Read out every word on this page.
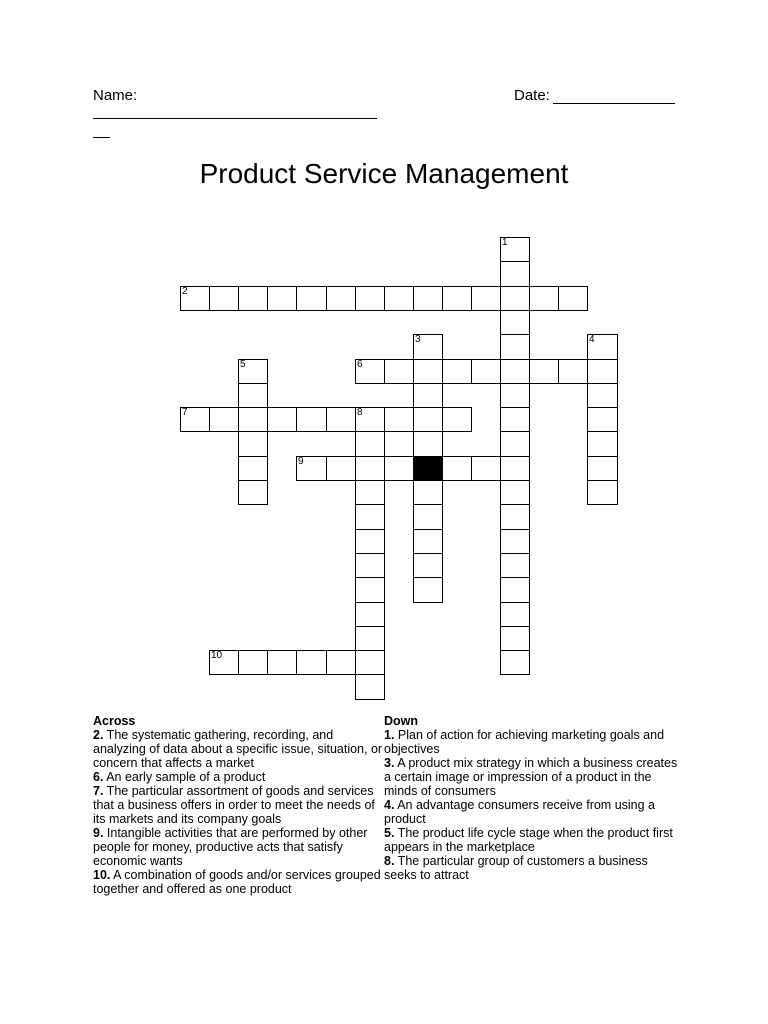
Name:	Date:
Product Service Management
1
2
3	4
5	6
7	8
9
10
Across
2. The systematic gathering, recording, and analyzing of data about a specific issue, situation, or concern that affects a market
6. An early sample of a product
7. The particular assortment of goods and services that a business offers in order to meet the needs of its markets and its company goals
9. Intangible activities that are performed by other people for money, productive acts that satisfy economic wants
10. A combination of goods and/or services grouped together and offered as one product
Down
1. Plan of action for achieving marketing goals and objectives
3. A product mix strategy in which a business creates a certain image or impression of a product in the minds of consumers
4. An advantage consumers receive from using a product
5. The product life cycle stage when the product first appears in the marketplace
8. The particular group of customers a business seeks to attract
